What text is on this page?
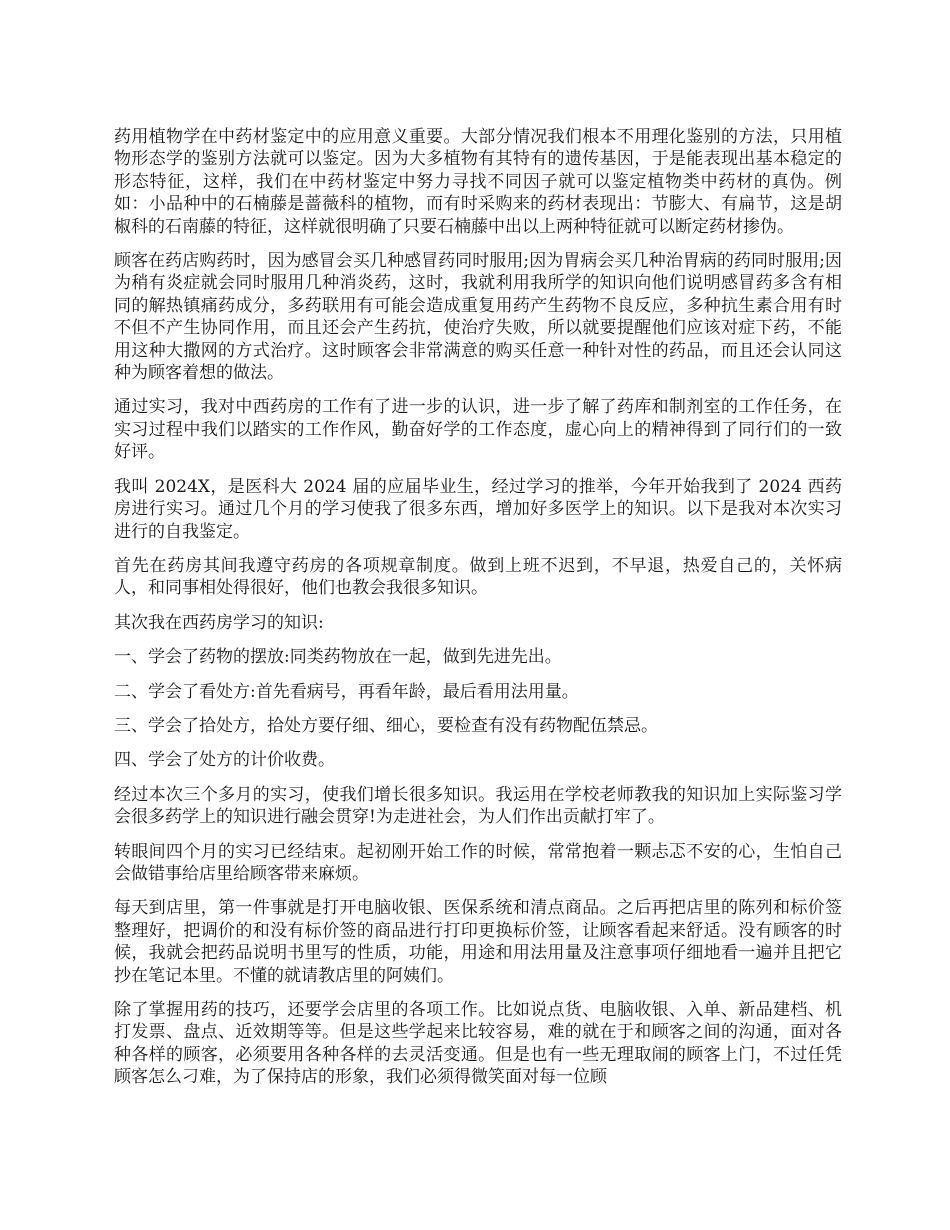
药用植物学在中药材鉴定中的应用意义重要。大部分情况我们根本不用理化鉴别的方法，只用植物形态学的鉴别方法就可以鉴定。因为大多植物有其特有的遗传基因，于是能表现出基本稳定的形态特征，这样，我们在中药材鉴定中努力寻找不同因子就可以鉴定植物类中药材的真伪。例如：小品种中的石楠藤是蔷薇科的植物，而有时采购来的药材表现出：节膨大、有扁节，这是胡椒科的石南藤的特征，这样就很明确了只要石楠藤中出以上两种特征就可以断定药材掺伪。

顾客在药店购药时，因为感冒会买几种感冒药同时服用;因为胃病会买几种治胃病的药同时服用;因为稍有炎症就会同时服用几种消炎药，这时，我就利用我所学的知识向他们说明感冒药多含有相同的解热镇痛药成分，多药联用有可能会造成重复用药产生药物不良反应，多种抗生素合用有时不但不产生协同作用，而且还会产生药抗，使治疗失败，所以就要提醒他们应该对症下药，不能用这种大撒网的方式治疗。这时顾客会非常满意的购买任意一种针对性的药品，而且还会认同这种为顾客着想的做法。

通过实习，我对中西药房的工作有了进一步的认识，进一步了解了药库和制剂室的工作任务，在实习过程中我们以踏实的工作作风，勤奋好学的工作态度，虚心向上的精神得到了同行们的一致好评。

我叫 2024X，是医科大 2024 届的应届毕业生，经过学习的推举，今年开始我到了 2024 西药房进行实习。通过几个月的学习使我了很多东西，增加好多医学上的知识。以下是我对本次实习进行的自我鉴定。

首先在药房其间我遵守药房的各项规章制度。做到上班不迟到，不早退，热爱自己的，关怀病人，和同事相处得很好，他们也教会我很多知识。

其次我在西药房学习的知识:

一、学会了药物的摆放:同类药物放在一起，做到先进先出。

二、学会了看处方:首先看病号，再看年龄，最后看用法用量。

三、学会了拾处方，拾处方要仔细、细心，要检查有没有药物配伍禁忌。

四、学会了处方的计价收费。

经过本次三个多月的实习，使我们增长很多知识。我运用在学校老师教我的知识加上实际鉴习学会很多药学上的知识进行融会贯穿!为走进社会，为人们作出贡献打牢了。

转眼间四个月的实习已经结束。起初刚开始工作的时候，常常抱着一颗忐忑不安的心，生怕自己会做错事给店里给顾客带来麻烦。

每天到店里，第一件事就是打开电脑收银、医保系统和清点商品。之后再把店里的陈列和标价签整理好，把调价的和没有标价签的商品进行打印更换标价签，让顾客看起来舒适。没有顾客的时候，我就会把药品说明书里写的性质，功能，用途和用法用量及注意事项仔细地看一遍并且把它抄在笔记本里。不懂的就请教店里的阿姨们。

除了掌握用药的技巧，还要学会店里的各项工作。比如说点货、电脑收银、入单、新品建档、机打发票、盘点、近效期等等。但是这些学起来比较容易，难的就在于和顾客之间的沟通，面对各种各样的顾客，必须要用各种各样的去灵活变通。但是也有一些无理取闹的顾客上门，不过任凭顾客怎么刁难，为了保持店的形象，我们必须得微笑面对每一位顾
